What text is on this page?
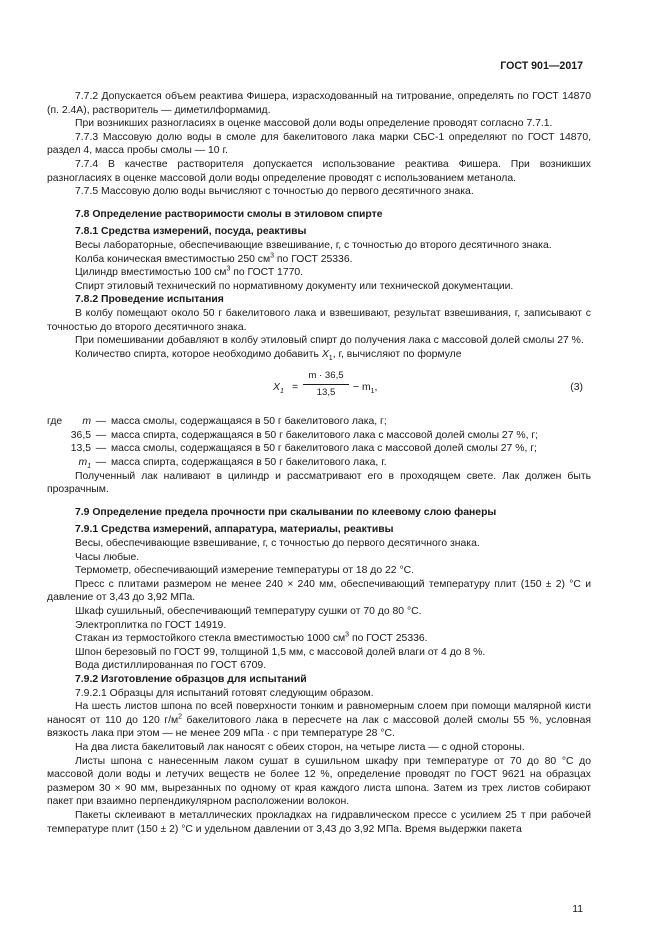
ГОСТ 901—2017

7.7.2 Допускается объем реактива Фишера, израсходованный на титрование, определять по ГОСТ 14870 (п. 2.4А), растворитель — диметилформамид.

При возникших разногласиях в оценке массовой доли воды определение проводят согласно 7.7.1.

7.7.3 Массовую долю воды в смоле для бакелитового лака марки СБС-1 определяют по ГОСТ 14870, раздел 4, масса пробы смолы — 10 г.

7.7.4 В качестве растворителя допускается использование реактива Фишера. При возникших разногласиях в оценке массовой доли воды определение проводят с использованием метанола.

7.7.5 Массовую долю воды вычисляют с точностью до первого десятичного знака.

7.8 Определение растворимости смолы в этиловом спирте

7.8.1 Средства измерений, посуда, реактивы

Весы лабораторные, обеспечивающие взвешивание, г, с точностью до второго десятичного знака.

Колба коническая вместимостью 250 $см^3$ по ГОСТ 25336.

Цилиндр вместимостью 100 $см^3$ по ГОСТ 1770.

Спирт этиловый технический по нормативному документу или технической документации.

7.8.2 Проведение испытания

В колбу помещают около 50 г бакелитового лака и взвешивают, результат взвешивания, г, записывают с точностью до второго десятичного знака.

При помешивании добавляют в колбу этиловый спирт до получения лака с массовой долей смолы 27 %.

Количество спирта, которое необходимо добавить $X_1$, г, вычисляют по формуле

$X_1 = \frac{m \cdot 36,5}{13,5} - m_1$,	(3)
где	m — масса смолы, содержащаяся в 50 г бакелитового лака, г;
36,5 — масса спирта, содержащаяся в 50 г бакелитового лака с массовой долей смолы 27 %, г;
13,5 — масса смолы, содержащаяся в 50 г бакелитового лака с массовой долей смолы 27 %, г;
$m_1$ — масса спирта, содержащаяся в 50 г бакелитового лака, г.

Полученный лак наливают в цилиндр и рассматривают его в проходящем свете. Лак должен быть прозрачным.

7.9 Определение предела прочности при скалывании по клеевому слою фанеры

7.9.1 Средства измерений, аппаратура, материалы, реактивы

Весы, обеспечивающие взвешивание, г, с точностью до первого десятичного знака.

Часы любые.

Термометр, обеспечивающий измерение температуры от 18 до 22 °С.

Пресс с плитами размером не менее 240 × 240 мм, обеспечивающий температуру плит (150 ± 2) °С и давление от 3,43 до 3,92 МПа.

Шкаф сушильный, обеспечивающий температуру сушки от 70 до 80 °С.

Электроплитка по ГОСТ 14919.

Стакан из термостойкого стекла вместимостью 1000 $см^3$ по ГОСТ 25336.

Шпон березовый по ГОСТ 99, толщиной 1,5 мм, с массовой долей влаги от 4 до 8 %.

Вода дистиллированная по ГОСТ 6709.

7.9.2 Изготовление образцов для испытаний

7.9.2.1 Образцы для испытаний готовят следующим образом.

На шесть листов шпона по всей поверхности тонким и равномерным слоем при помощи малярной кисти наносят от 110 до 120 $г/м^2$ бакелитового лака в пересчете на лак с массовой долей смолы 55 %, условная вязкость лака при этом — не менее 209 мПа · с при температуре 28 °С.

На два листа бакелитовый лак наносят с обеих сторон, на четыре листа — с одной стороны.

Листы шпона с нанесенным лаком сушат в сушильном шкафу при температуре от 70 до 80 °С до массовой доли воды и летучих веществ не более 12 %, определение проводят по ГОСТ 9621 на образцах размером 30 × 90 мм, вырезанных по одному от края каждого листа шпона. Затем из трех листов собирают пакет при взаимно перпендикулярном расположении волокон.

Пакеты склеивают в металлических прокладках на гидравлическом прессе с усилием 25 т при рабочей температуре плит (150 ± 2) °С и удельном давлении от 3,43 до 3,92 МПа. Время выдержки пакета

11
